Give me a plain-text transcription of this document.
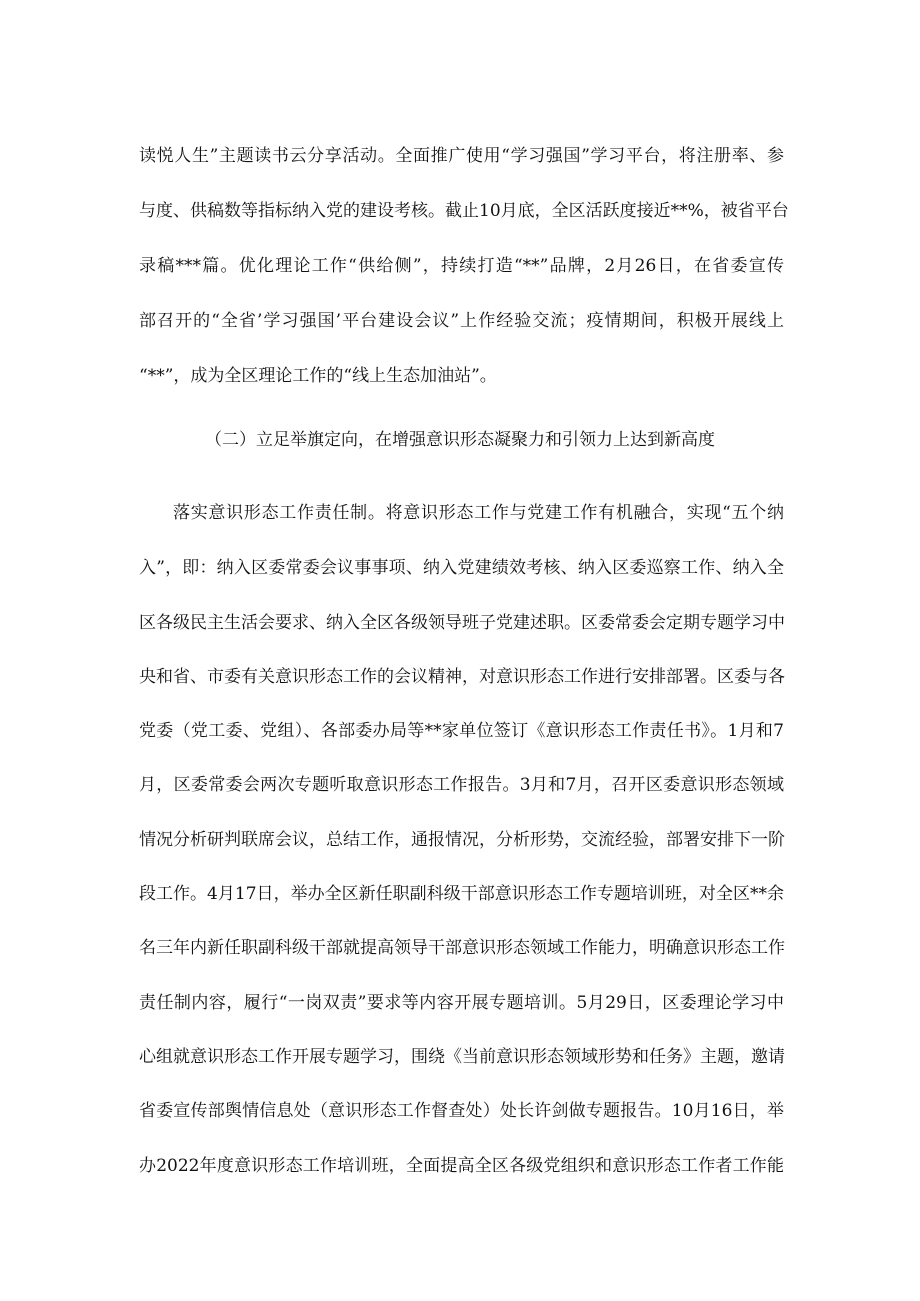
读悦人生”主题读书云分享活动。全面推广使用“学习强国”学习平台，将注册率、参
与度、供稿数等指标纳入党的建设考核。截止10月底，全区活跃度接近**%，被省平台
录稿***篇。优化理论工作“供给侧”，持续打造“**”品牌，2月26日，在省委宣传
部召开的“全省’学习强国’平台建设会议”上作经验交流；疫情期间，积极开展线上
“**”，成为全区理论工作的“线上生态加油站”。
（二）立足举旗定向，在增强意识形态凝聚力和引领力上达到新高度
落实意识形态工作责任制。将意识形态工作与党建工作有机融合，实现“五个纳
入”，即：纳入区委常委会议事事项、纳入党建绩效考核、纳入区委巡察工作、纳入全
区各级民主生活会要求、纳入全区各级领导班子党建述职。区委常委会定期专题学习中
央和省、市委有关意识形态工作的会议精神，对意识形态工作进行安排部署。区委与各
党委（党工委、党组）、各部委办局等**家单位签订《意识形态工作责任书》。1月和7
月，区委常委会两次专题听取意识形态工作报告。3月和7月，召开区委意识形态领域
情况分析研判联席会议，总结工作，通报情况，分析形势，交流经验，部署安排下一阶
段工作。4月17日，举办全区新任职副科级干部意识形态工作专题培训班，对全区**余
名三年内新任职副科级干部就提高领导干部意识形态领域工作能力，明确意识形态工作
责任制内容，履行“一岗双责”要求等内容开展专题培训。5月29日，区委理论学习中
心组就意识形态工作开展专题学习，围绕《当前意识形态领域形势和任务》主题，邀请
省委宣传部舆情信息处（意识形态工作督查处）处长许剑做专题报告。10月16日，举
办2022年度意识形态工作培训班，全面提高全区各级党组织和意识形态工作者工作能
